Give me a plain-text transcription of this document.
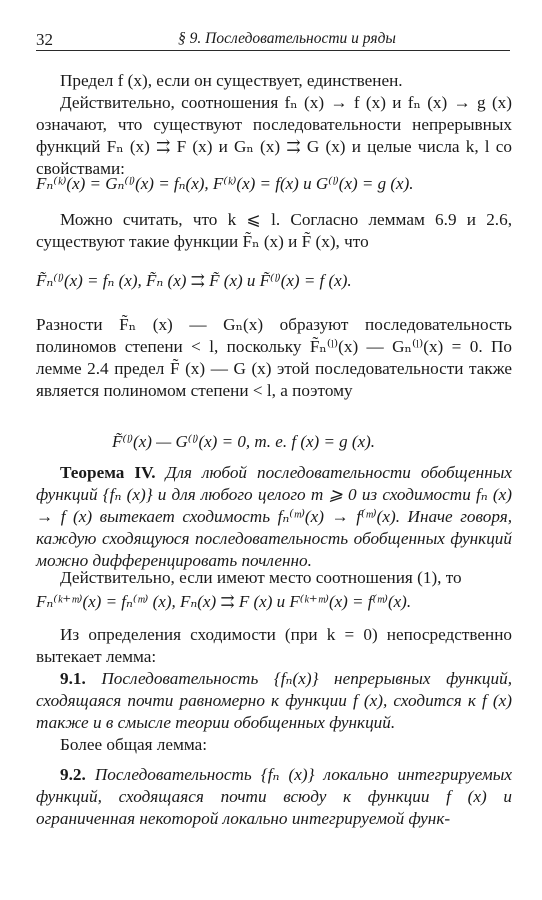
32	§ 9. Последовательности и ряды

Предел f (x), если он существует, единственен.

Действительно, соотношения fₙ (x) → f (x) и fₙ (x) → g (x) означают, что существуют последовательности непрерывных функций Fₙ (x) ⇉ F (x) и Gₙ (x) ⇉ G (x) и целые числа k, l со свойствами:

Fₙ⁽ᵏ⁾(x) = Gₙ⁽ˡ⁾(x) = fₙ(x), F⁽ᵏ⁾(x) = f(x) и G⁽ˡ⁾(x) = g (x).

Можно считать, что k ⩽ l. Согласно леммам 6.9 и 2.6, существуют такие функции F̃ₙ (x) и F̃ (x), что

F̃ₙ⁽ˡ⁾(x) = fₙ (x), F̃ₙ (x) ⇉ F̃ (x) и F̃⁽ˡ⁾(x) = f (x).

Разности F̃ₙ (x) — Gₙ(x) образуют последовательность полиномов степени < l, поскольку F̃ₙ⁽ˡ⁾(x) — Gₙ⁽ˡ⁾(x) = 0. По лемме 2.4 предел F̃ (x) — G (x) этой последовательности также является полиномом степени < l, а поэтому

F̃⁽ˡ⁾(x) — G⁽ˡ⁾(x) = 0, т. е. f (x) = g (x).

Теорема IV. Для любой последовательности обобщенных функций {fₙ (x)} и для любого целого m ⩾ 0 из сходимости fₙ (x) → f (x) вытекает сходимость fₙ⁽ᵐ⁾(x) → f⁽ᵐ⁾(x). Иначе говоря, каждую сходящуюся последовательность обобщенных функций можно дифференцировать почленно.

Действительно, если имеют место соотношения (1), то

Fₙ⁽ᵏ⁺ᵐ⁾(x) = fₙ⁽ᵐ⁾ (x), Fₙ(x) ⇉ F (x) и F⁽ᵏ⁺ᵐ⁾(x) = f⁽ᵐ⁾(x).

Из определения сходимости (при k = 0) непосредственно вытекает лемма:

9.1. Последовательность {fₙ(x)} непрерывных функций, сходящаяся почти равномерно к функции f (x), сходится к f (x) также и в смысле теории обобщенных функций.

Более общая лемма:

9.2. Последовательность {fₙ (x)} локально интегрируемых функций, сходящаяся почти всюду к функции f (x) и ограниченная некоторой локально интегрируемой функ-
